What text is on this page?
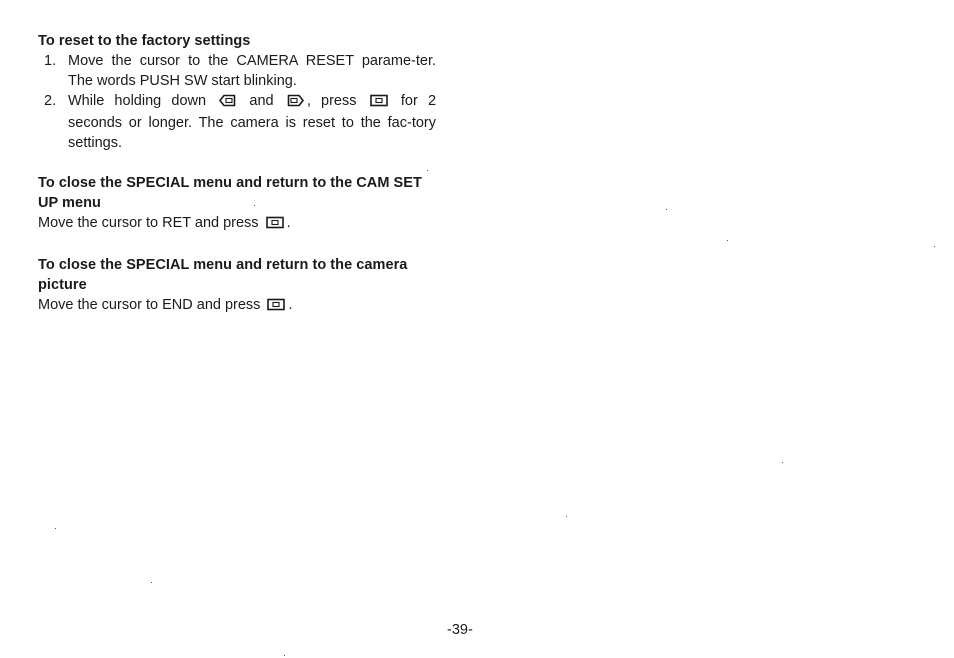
To reset to the factory settings

1. Move the cursor to the CAMERA RESET parame-ter. The words PUSH SW start blinking.
2. While holding down	and , press	for 2 seconds or longer. The camera is reset to the fac-tory settings.

To close the SPECIAL menu and return to the CAM SET UP menu

Move the cursor to RET and press .

To close the SPECIAL menu and return to the camera picture

Move the cursor to END and press .

-39-
